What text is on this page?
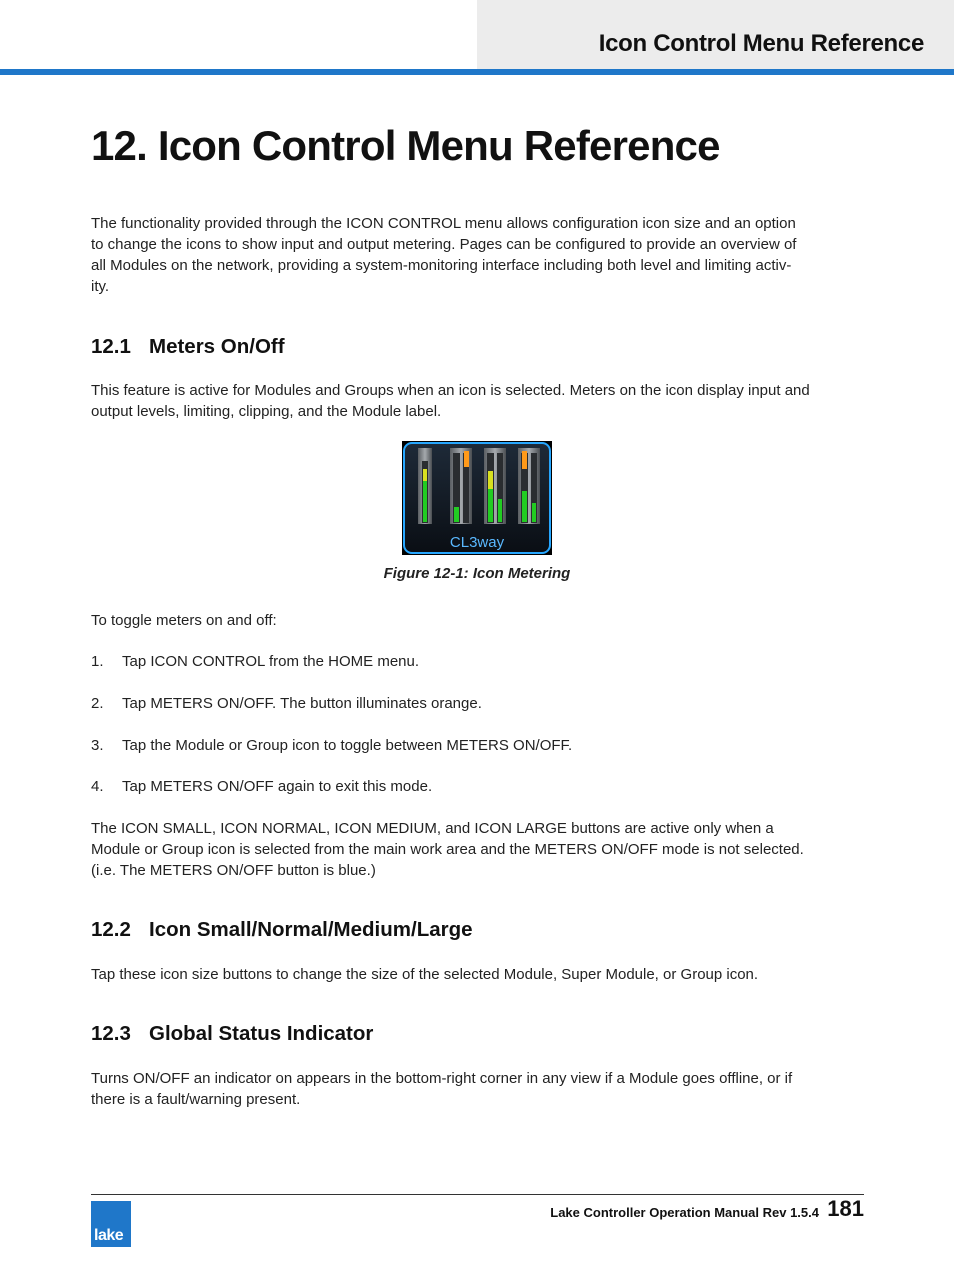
Icon Control Menu Reference
12. Icon Control Menu Reference

The functionality provided through the ICON CONTROL menu allows configuration icon size and an option

to change the icons to show input and output metering. Pages can be configured to provide an overview of

all Modules on the network, providing a system-monitoring interface including both level and limiting activ-

ity.

12.1 Meters On/Off

This feature is active for Modules and Groups when an icon is selected. Meters on the icon display input and

output levels, limiting, clipping, and the Module label.

CL3way
Figure 12-1: Icon Metering

To toggle meters on and off:

1. Tap ICON CONTROL from the HOME menu.
2. Tap METERS ON/OFF. The button illuminates orange.
3. Tap the Module or Group icon to toggle between METERS ON/OFF.
4. Tap METERS ON/OFF again to exit this mode.

The ICON SMALL, ICON NORMAL, ICON MEDIUM, and ICON LARGE buttons are active only when a

Module or Group icon is selected from the main work area and the METERS ON/OFF mode is not selected.

(i.e. The METERS ON/OFF button is blue.)

12.2 Icon Small/Normal/Medium/Large

Tap these icon size buttons to change the size of the selected Module, Super Module, or Group icon.

12.3 Global Status Indicator

Turns ON/OFF an indicator on appears in the bottom-right corner in any view if a Module goes offline, or if

there is a fault/warning present.

lake
Lake Controller Operation Manual Rev 1.5.4 181
